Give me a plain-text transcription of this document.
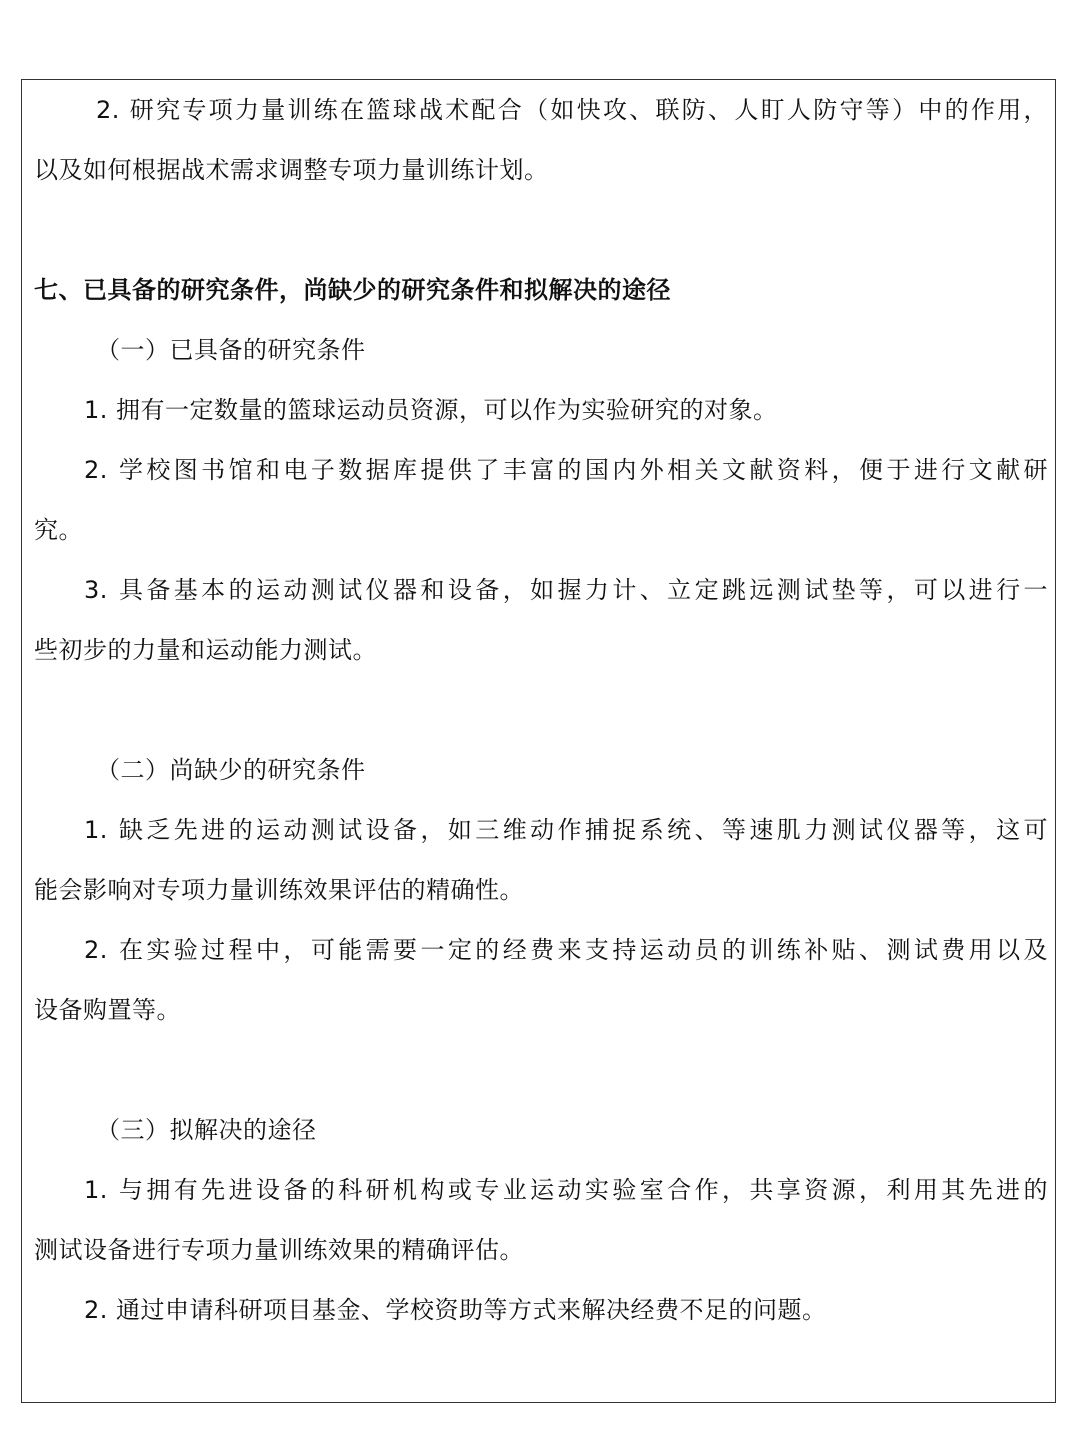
2. 研究专项力量训练在篮球战术配合（如快攻、联防、人盯人防守等）中的作用，
以及如何根据战术需求调整专项力量训练计划。
七、已具备的研究条件，尚缺少的研究条件和拟解决的途径
（一）已具备的研究条件
1. 拥有一定数量的篮球运动员资源，可以作为实验研究的对象。
2. 学校图书馆和电子数据库提供了丰富的国内外相关文献资料，便于进行文献研
究。
3. 具备基本的运动测试仪器和设备，如握力计、立定跳远测试垫等，可以进行一
些初步的力量和运动能力测试。
（二）尚缺少的研究条件
1. 缺乏先进的运动测试设备，如三维动作捕捉系统、等速肌力测试仪器等，这可
能会影响对专项力量训练效果评估的精确性。
2. 在实验过程中，可能需要一定的经费来支持运动员的训练补贴、测试费用以及
设备购置等。
（三）拟解决的途径
1. 与拥有先进设备的科研机构或专业运动实验室合作，共享资源，利用其先进的
测试设备进行专项力量训练效果的精确评估。
2. 通过申请科研项目基金、学校资助等方式来解决经费不足的问题。
